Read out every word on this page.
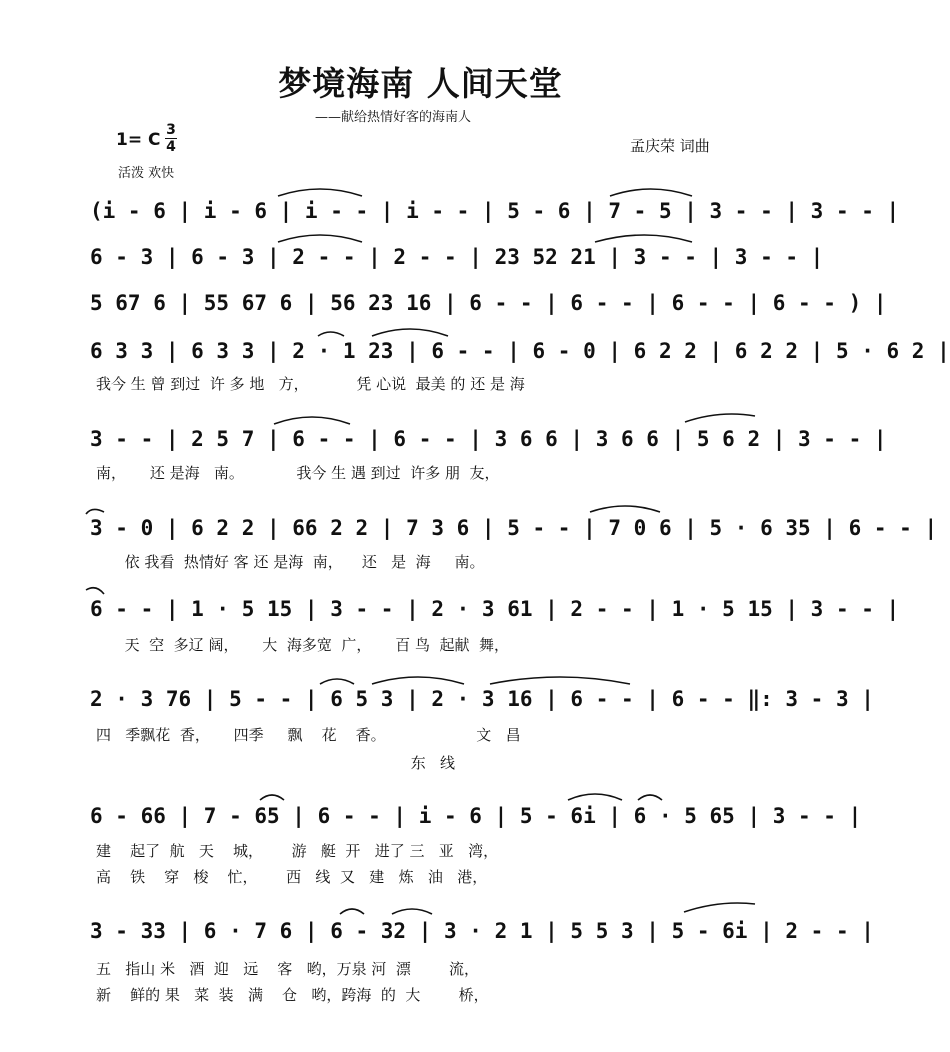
梦境海南 人间天堂
——献给热情好客的海南人
1= C 3
4
活泼 欢快
孟庆荣 词曲
(i - 6 | i - 6 | i - - | i - - | 5 - 6 | 7 - 5 | 3 - - | 3 - - |
6 - 3 | 6 - 3 | 2 - - | 2 - - | 23 52 21 | 3 - - | 3 - - |
5 67 6 | 55 67 6 | 56 23 16 | 6 - - | 6 - - | 6 - - | 6 - - ) |
6 3 3 | 6 3 3 | 2 · 1 23 | 6 - - | 6 - 0 | 6 2 2 | 6 2 2 | 5 · 6 2 |
我今 生 曾 到过  许 多 地   方，          凭 心说  最美 的 还 是 海
3 - - | 2 5 7 | 6 - - | 6 - - | 3 6 6 | 3 6 6 | 5 6 2 | 3 - - |
南，     还 是海   南。           我今 生 遇 到过  许多 朋  友，
3 - 0 | 6 2 2 | 66 2 2 | 7 3 6 | 5 - - | 7 0 6 | 5 · 6 35 | 6 - - |
依 我看  热情好 客 还 是海  南，    还   是  海     南。
6 - - | 1 · 5 15 | 3 - - | 2 · 3 61 | 2 - - | 1 · 5 15 | 3 - - |
天  空  多辽 阔，     大  海多宽  广，     百 鸟  起献  舞，
2 · 3 76 | 5 - - | 6 5 3 | 2 · 3 16 | 6 - - | 6 - - ‖: 3 - 3 |
四   季飘花  香，     四季     飘    花    香。                   文   昌
东   线
6 - 66 | 7 - 65 | 6 - - | i - 6 | 5 - 6i | 6 · 5 65 | 3 - - |
建    起了  航   天    城，      游   艇  开   进了 三   亚   湾，
高    铁    穿   梭    忙，      西   线  又   建   炼   油   港，
3 - 33 | 6 · 7 6 | 6 - 32 | 3 · 2 1 | 5 5 3 | 5 - 6i | 2 - - |
五   指山 米   酒  迎   远    客   哟，万泉 河  漂        流，
新    鲜的 果   菜  装   满    仓   哟，跨海  的  大        桥，
